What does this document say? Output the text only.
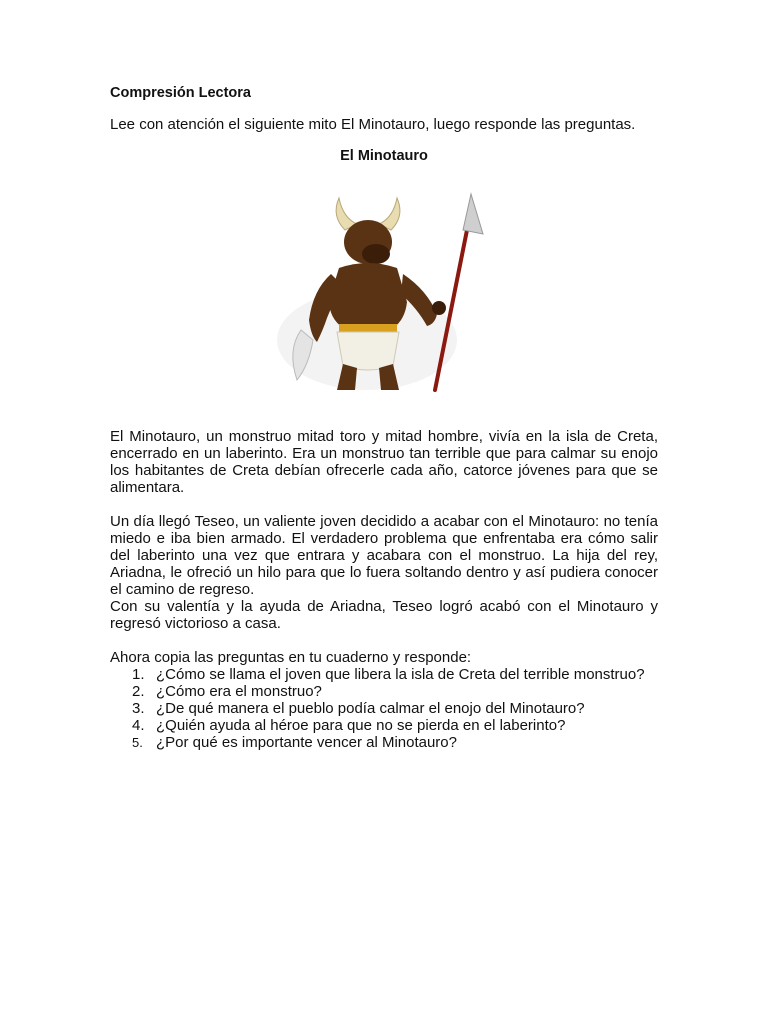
Compresión Lectora

Lee con atención el siguiente mito El Minotauro, luego responde las preguntas.

El Minotauro

El Minotauro, un monstruo mitad toro y mitad hombre, vivía en la isla de Creta, encerrado en un laberinto. Era un monstruo tan terrible que para calmar su enojo los habitantes de Creta debían ofrecerle cada año, catorce jóvenes para que se alimentara.

Un día llegó Teseo, un valiente joven decidido a acabar con el Minotauro: no tenía miedo e iba bien armado. El verdadero problema que enfrentaba era cómo salir del laberinto una vez que entrara y acabara con el monstruo. La hija del rey, Ariadna, le ofreció un hilo para que lo fuera soltando dentro y así pudiera conocer el camino de regreso.

Con su valentía y la ayuda de Ariadna, Teseo logró acabó con el Minotauro y regresó victorioso a casa.

Ahora copia las preguntas en tu cuaderno y responde:

1. ¿Cómo se llama el joven que libera la isla de Creta del terrible monstruo?
2. ¿Cómo era el monstruo?
3. ¿De qué manera el pueblo podía calmar el enojo del Minotauro?
4. ¿Quién ayuda al héroe para que no se pierda en el laberinto?
5. ¿Por qué es importante vencer al Minotauro?
